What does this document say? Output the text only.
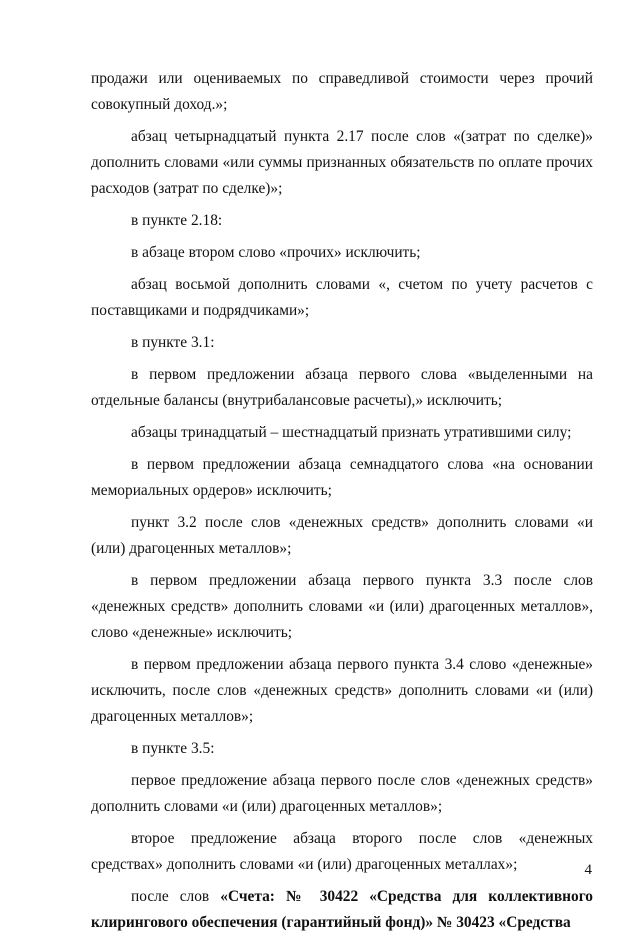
продажи или оцениваемых по справедливой стоимости через прочий совокупный доход.»;

абзац четырнадцатый пункта 2.17 после слов «(затрат по сделке)» дополнить словами «или суммы признанных обязательств по оплате прочих расходов (затрат по сделке)»;

в пункте 2.18:

в абзаце втором слово «прочих» исключить;

абзац восьмой дополнить словами «, счетом по учету расчетов с поставщиками и подрядчиками»;

в пункте 3.1:

в первом предложении абзаца первого слова «выделенными на отдельные балансы (внутрибалансовые расчеты),» исключить;

абзацы тринадцатый – шестнадцатый признать утратившими силу;

в первом предложении абзаца семнадцатого слова «на основании мемориальных ордеров» исключить;

пункт 3.2 после слов «денежных средств» дополнить словами «и (или) драгоценных металлов»;

в первом предложении абзаца первого пункта 3.3 после слов «денежных средств» дополнить словами «и (или) драгоценных металлов», слово «денежные» исключить;

в первом предложении абзаца первого пункта 3.4 слово «денежные» исключить, после слов «денежных средств» дополнить словами «и (или) драгоценных металлов»;

в пункте 3.5:

первое предложение абзаца первого после слов «денежных средств» дополнить словами «и (или) драгоценных металлов»;

второе предложение абзаца второго после слов «денежных средствах» дополнить словами «и (или) драгоценных металлах»;

после слов «Счета: № 30422 «Средства для коллективного клирингового обеспечения (гарантийный фонд)» № 30423 «Средства

4
